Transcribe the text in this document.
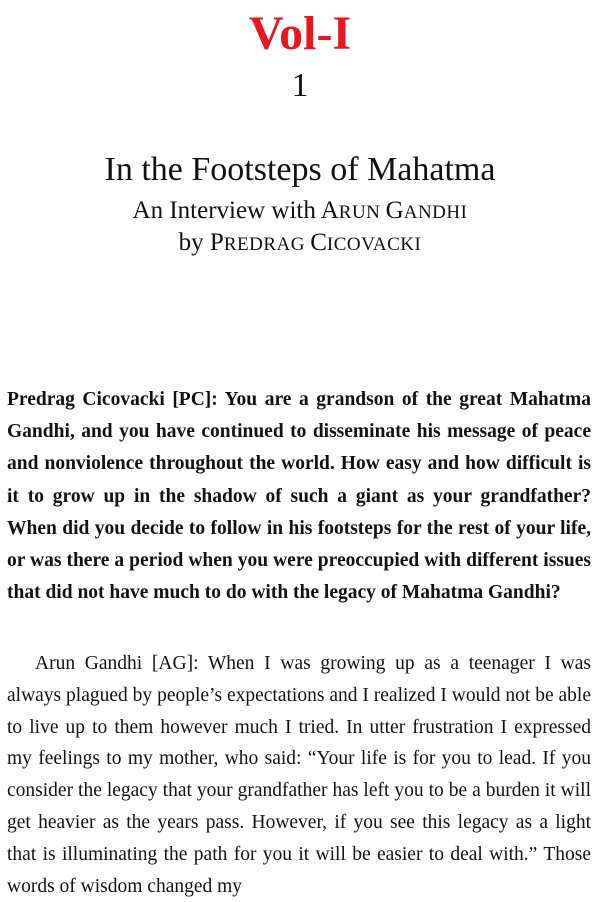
Vol-I
1
In the Footsteps of Mahatma
An Interview with ARUN GANDHI
by PREDRAG CICOVACKI

Predrag Cicovacki [PC]: You are a grandson of the great Mahatma Gandhi, and you have continued to disseminate his message of peace and nonviolence throughout the world. How easy and how difficult is it to grow up in the shadow of such a giant as your grandfather? When did you decide to follow in his footsteps for the rest of your life, or was there a period when you were preoccupied with different issues that did not have much to do with the legacy of Mahatma Gandhi?

Arun Gandhi [AG]: When I was growing up as a teenager I was always plagued by people’s expectations and I realized I would not be able to live up to them however much I tried. In utter frustration I expressed my feelings to my mother, who said: “Your life is for you to lead. If you consider the legacy that your grandfather has left you to be a burden it will get heavier as the years pass. However, if you see this legacy as a light that is illuminating the path for you it will be easier to deal with.” Those words of wisdom changed my
